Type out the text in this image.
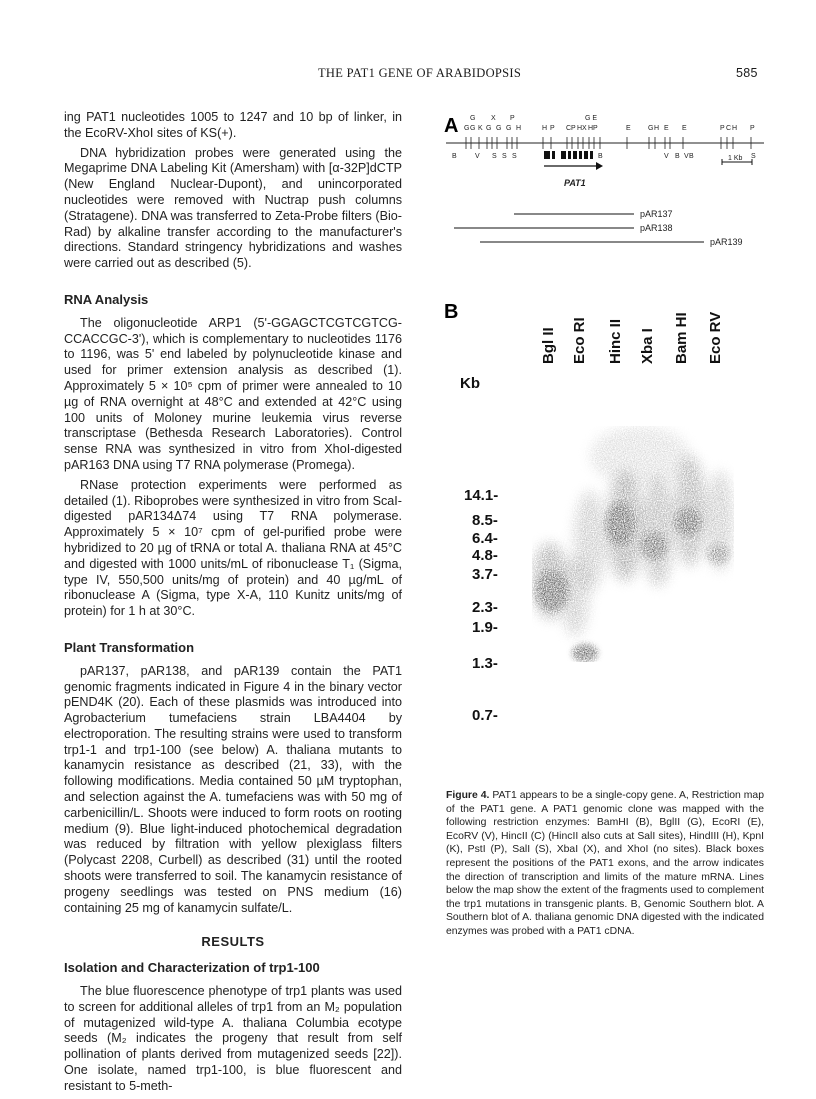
THE PAT1 GENE OF ARABIDOPSIS	585

ing PAT1 nucleotides 1005 to 1247 and 10 bp of linker, in the EcoRV-XhoI sites of KS(+).

DNA hybridization probes were generated using the Megaprime DNA Labeling Kit (Amersham) with [α-32P]dCTP (New England Nuclear-Dupont), and unincorporated nucleotides were removed with Nuctrap push columns (Stratagene). DNA was transferred to Zeta-Probe filters (Bio-Rad) by alkaline transfer according to the manufacturer's directions. Standard stringency hybridizations and washes were carried out as described (5).

RNA Analysis

The oligonucleotide ARP1 (5'-GGAGCTCGTCGTCG-CCACCGC-3'), which is complementary to nucleotides 1176 to 1196, was 5' end labeled by polynucleotide kinase and used for primer extension analysis as described (1). Approximately 5 × 10⁵ cpm of primer were annealed to 10 µg of RNA overnight at 48°C and extended at 42°C using 100 units of Moloney murine leukemia virus reverse transcriptase (Bethesda Research Laboratories). Control sense RNA was synthesized in vitro from XhoI-digested pAR163 DNA using T7 RNA polymerase (Promega).

RNase protection experiments were performed as detailed (1). Riboprobes were synthesized in vitro from ScaI-digested pAR134Δ74 using T7 RNA polymerase. Approximately 5 × 10⁷ cpm of gel-purified probe were hybridized to 20 µg of tRNA or total A. thaliana RNA at 45°C and digested with 1000 units/mL of ribonuclease T₁ (Sigma, type IV, 550,500 units/mg of protein) and 40 µg/mL of ribonuclease A (Sigma, type X-A, 110 Kunitz units/mg of protein) for 1 h at 30°C.

Plant Transformation

pAR137, pAR138, and pAR139 contain the PAT1 genomic fragments indicated in Figure 4 in the binary vector pEND4K (20). Each of these plasmids was introduced into Agrobacterium tumefaciens strain LBA4404 by electroporation. The resulting strains were used to transform trp1-1 and trp1-100 (see below) A. thaliana mutants to kanamycin resistance as described (21, 33), with the following modifications. Media contained 50 µM tryptophan, and selection against the A. tumefaciens was with 50 mg of carbenicillin/L. Shoots were induced to form roots on rooting medium (9). Blue light-induced photochemical degradation was reduced by filtration with yellow plexiglass filters (Polycast 2208, Curbell) as described (31) until the rooted shoots were transferred to soil. The kanamycin resistance of progeny seedlings was tested on PNS medium (16) containing 25 mg of kanamycin sulfate/L.

RESULTS
Isolation and Characterization of trp1-100

The blue fluorescence phenotype of trp1 plants was used to screen for additional alleles of trp1 from an M₂ population of mutagenized wild-type A. thaliana Columbia ecotype seeds (M₂ indicates the progeny that result from self pollination of plants derived from mutagenized seeds [22]). One isolate, named trp1-100, is blue fluorescent and resistant to 5-meth-

A G X P	G E
G G K G G G H	H P C P H X H P	E G H E E	P C H P
B	V S S S	B	V B V B	S
PAT1
1 Kb
pAR137
pAR138
pAR139
B
Bgl II Eco RI Hinc II Xba I Bam HI Eco RV
Kb
14.1-
8.5-
6.4-
4.8-
3.7-
2.3-
1.9-
1.3-
0.7-
Figure 4. PAT1 appears to be a single-copy gene. A, Restriction map of the PAT1 gene. A PAT1 genomic clone was mapped with the following restriction enzymes: BamHI (B), BglII (G), EcoRI (E), EcoRV (V), HincII (C) (HincII also cuts at SalI sites), HindIII (H), KpnI (K), PstI (P), SalI (S), XbaI (X), and XhoI (no sites). Black boxes represent the positions of the PAT1 exons, and the arrow indicates the direction of transcription and limits of the mature mRNA. Lines below the map show the extent of the fragments used to complement the trp1 mutations in transgenic plants. B, Genomic Southern blot. A Southern blot of A. thaliana genomic DNA digested with the indicated enzymes was probed with a PAT1 cDNA.
